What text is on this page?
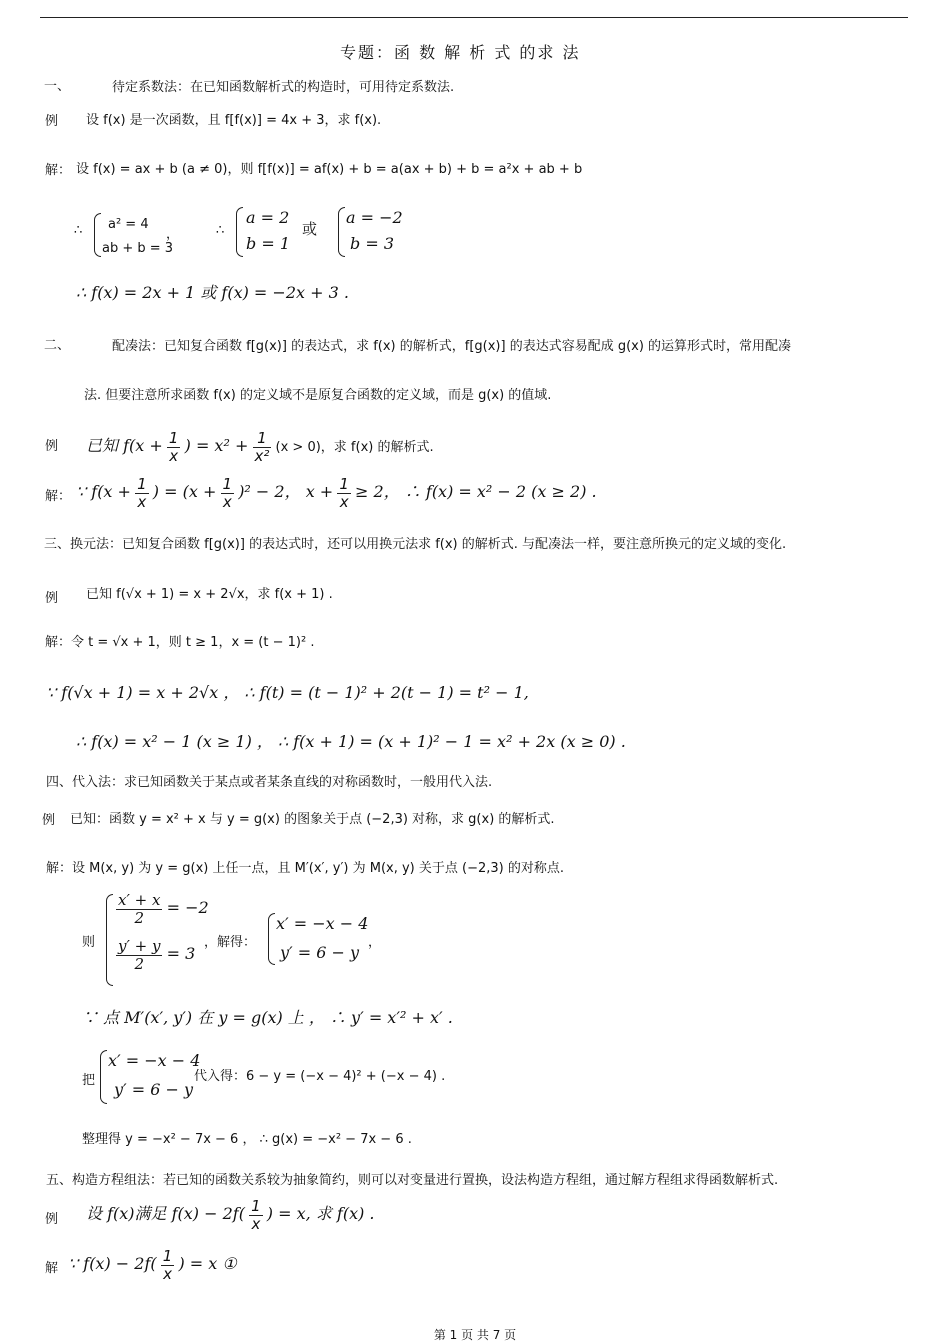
专题：函 数 解 析 式 的求 法
一、	待定系数法：在已知函数解析式的构造时，可用待定系数法.
例 设 f(x) 是一次函数，且 f[f(x)] = 4x + 3，求 f(x).
解： 设 f(x) = ax + b (a ≠ 0)，则 f[f(x)] = af(x) + b = a(ax + b) + b = a²x + ab + b
∴ a² = 4
ab + b = 3
，	∴
a = 2
b = 1
或
a = −2
b = 3
∴ f(x) = 2x + 1 或 f(x) = −2x + 3 .
二、	配凑法：已知复合函数 f[g(x)] 的表达式，求 f(x) 的解析式，f[g(x)] 的表达式容易配成 g(x) 的运算形式时，常用配凑
法. 但要注意所求函数 f(x) 的定义域不是原复合函数的定义域，而是 g(x) 的值域.
例 已知 $f(x + \frac{1}{x}$ ) = $x^2 + \frac{1}{\text{x²}} (x > 0)$，求 f(x) 的解析式.
解： ∵ $f(x + \frac{1}{x}$ ) = $(x + \frac{1}{x} )^2 - 2$， $x + \frac{1}{x} \ge 2$， ∴ f(x) = x² − 2 (x ≥ 2) .
三、换元法：已知复合函数 f[g(x)] 的表达式时，还可以用换元法求 f(x) 的解析式. 与配凑法一样，要注意所换元的定义域的变化.
例 已知 f(√x + 1) = x + 2√x，求 f(x + 1) .
解：令 t = √x + 1，则 t ≥ 1，x = (t − 1)² .
∵ f(√x + 1) = x + 2√x ， ∴ f(t) = (t − 1)² + 2(t − 1) = t² − 1,
∴ f(x) = x² − 1 (x ≥ 1) ， ∴ f(x + 1) = (x + 1)² − 1 = x² + 2x (x ≥ 0) .
四、代入法：求已知函数关于某点或者某条直线的对称函数时，一般用代入法.
例 已知：函数 y = x² + x 与 y = g(x) 的图象关于点 (−2,3) 对称，求 g(x) 的解析式.
解：设 M(x, y) 为 y = g(x) 上任一点，且 M′(x′, y′) 为 M(x, y) 关于点 (−2,3) 的对称点.
则
$\frac{x' + x}{2} = -2$
$\frac{y' + y}{2} = 3$
，解得：
x′ = −x − 4
y′ = 6 − y
，
∵ 点 M′(x′, y′) 在 y = g(x) 上 ， ∴ y′ = x′² + x′ .
把
x′ = −x − 4
y′ = 6 − y
代入得：6 − y = (−x − 4)² + (−x − 4) .
整理得 y = −x² − 7x − 6 ， ∴ g(x) = −x² − 7x − 6 .
五、构造方程组法：若已知的函数关系较为抽象简约，则可以对变量进行置换，设法构造方程组，通过解方程组求得函数解析式.
例 设 f(x)满足 $f(x) - 2f( \frac{1}{x}$ ) = x, 求 f(x) .
解 ∵ $f(x) - 2f( \frac{1}{x}$ ) = x ①
第 1 页 共 7 页
